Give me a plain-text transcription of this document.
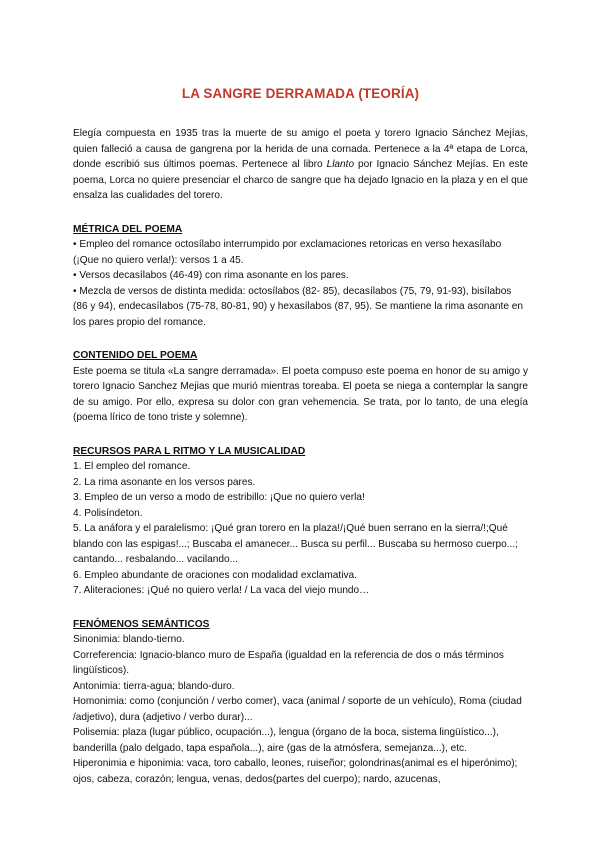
LA SANGRE DERRAMADA (TEORÍA)

Elegía compuesta en 1935 tras la muerte de su amigo el poeta y torero Ignacio Sánchez Mejías, quien falleció a causa de gangrena por la herida de una cornada. Pertenece a la 4ª etapa de Lorca, donde escribió sus últimos poemas. Pertenece al libro Llanto por Ignacio Sánchez Mejías. En este poema, Lorca no quiere presenciar el charco de sangre que ha dejado Ignacio en la plaza y en el que ensalza las cualidades del torero.

MÉTRICA DEL POEMA

• Empleo del romance octosílabo interrumpido por exclamaciones retoricas en verso hexasílabo (¡Que no quiero verla!): versos 1 a 45.

• Versos decasílabos (46-49) con rima asonante en los pares.

• Mezcla de versos de distinta medida: octosílabos (82- 85), decasílabos (75, 79, 91-93), bisílabos (86 y 94), endecasílabos (75-78, 80-81, 90) y hexasílabos (87, 95). Se mantiene la rima asonante en los pares propio del romance.

CONTENIDO DEL POEMA

Este poema se titula «La sangre derramada». El poeta compuso este poema en honor de su amigo y torero Ignacio Sanchez Mejias que murió mientras toreaba. El poeta se niega a contemplar la sangre de su amigo. Por ello, expresa su dolor con gran vehemencia. Se trata, por lo tanto, de una elegía (poema lírico de tono triste y solemne).

RECURSOS PARA L RITMO Y LA MUSICALIDAD

1. El empleo del romance.

2. La rima asonante en los versos pares.

3. Empleo de un verso a modo de estribillo: ¡Que no quiero verla!

4. Polisíndeton.

5. La anáfora y el paralelismo: ¡Qué gran torero en la plaza!/¡Qué buen serrano en la sierra/!;Qué blando con las espigas!...; Buscaba el amanecer... Busca su perfil... Buscaba su hermoso cuerpo...; cantando... resbalando... vacilando...

6. Empleo abundante de oraciones con modalidad exclamativa.

7. Aliteraciones: ¡Qué no quiero verla! / La vaca del viejo mundo…

FENÓMENOS SEMÁNTICOS

Sinonimia: blando-tierno.

Correferencia: Ignacio-blanco muro de España (igualdad en la referencia de dos o más términos lingüísticos).

Antonimia: tierra-agua; blando-duro.

Homonimia: como (conjunción / verbo comer), vaca (animal / soporte de un vehículo), Roma (ciudad /adjetivo), dura (adjetivo / verbo durar)...

Polisemia: plaza (lugar público, ocupación...), lengua (órgano de la boca, sistema lingüístico...), banderilla (palo delgado, tapa española...), aire (gas de la atmósfera, semejanza...), etc.

Hiperonimia e hiponimia: vaca, toro caballo, leones, ruiseñor; golondrinas(animal es el hiperónimo); ojos, cabeza, corazón; lengua, venas, dedos(partes del cuerpo); nardo, azucenas,
